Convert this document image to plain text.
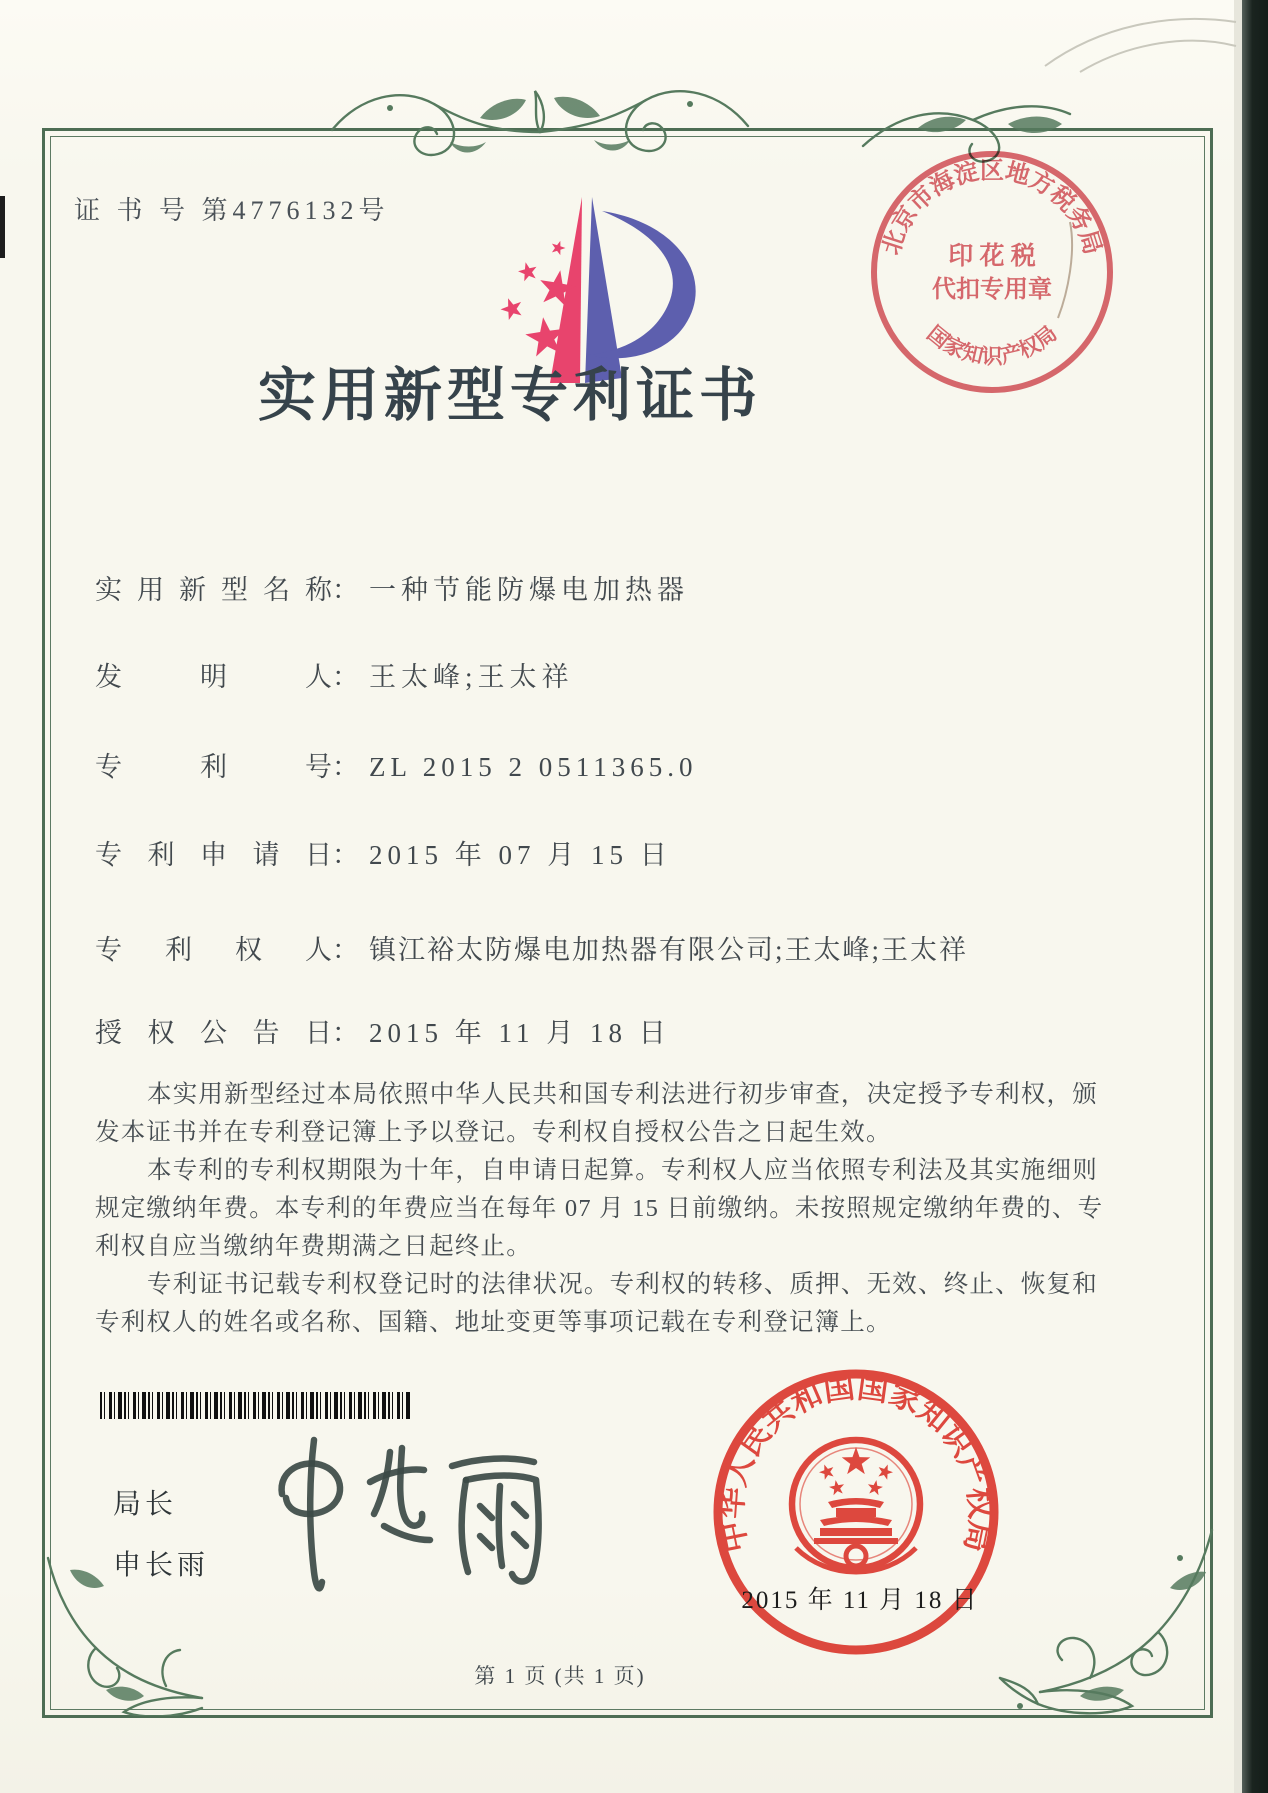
证 书 号 第4776132号
北京市海淀区地方税务局
国家知识产权局
印 花 税
代扣专用章
实用新型专利证书
实用新型名称： 一种节能防爆电加热器
发明人： 王太峰;王太祥
专利号： ZL 2015 2 0511365.0
专利申请日： 2015 年 07 月 15 日
专利权人： 镇江裕太防爆电加热器有限公司;王太峰;王太祥
授权公告日： 2015 年 11 月 18 日
本实用新型经过本局依照中华人民共和国专利法进行初步审查，决定授予专利权，颁
发本证书并在专利登记簿上予以登记。专利权自授权公告之日起生效。
本专利的专利权期限为十年，自申请日起算。专利权人应当依照专利法及其实施细则
规定缴纳年费。本专利的年费应当在每年 07 月 15 日前缴纳。未按照规定缴纳年费的、专
利权自应当缴纳年费期满之日起终止。
专利证书记载专利权登记时的法律状况。专利权的转移、质押、无效、终止、恢复和
专利权人的姓名或名称、国籍、地址变更等事项记载在专利登记簿上。
局长
申长雨
中华人民共和国国家知识产权局
2015 年 11 月 18 日
第 1 页 (共 1 页)
